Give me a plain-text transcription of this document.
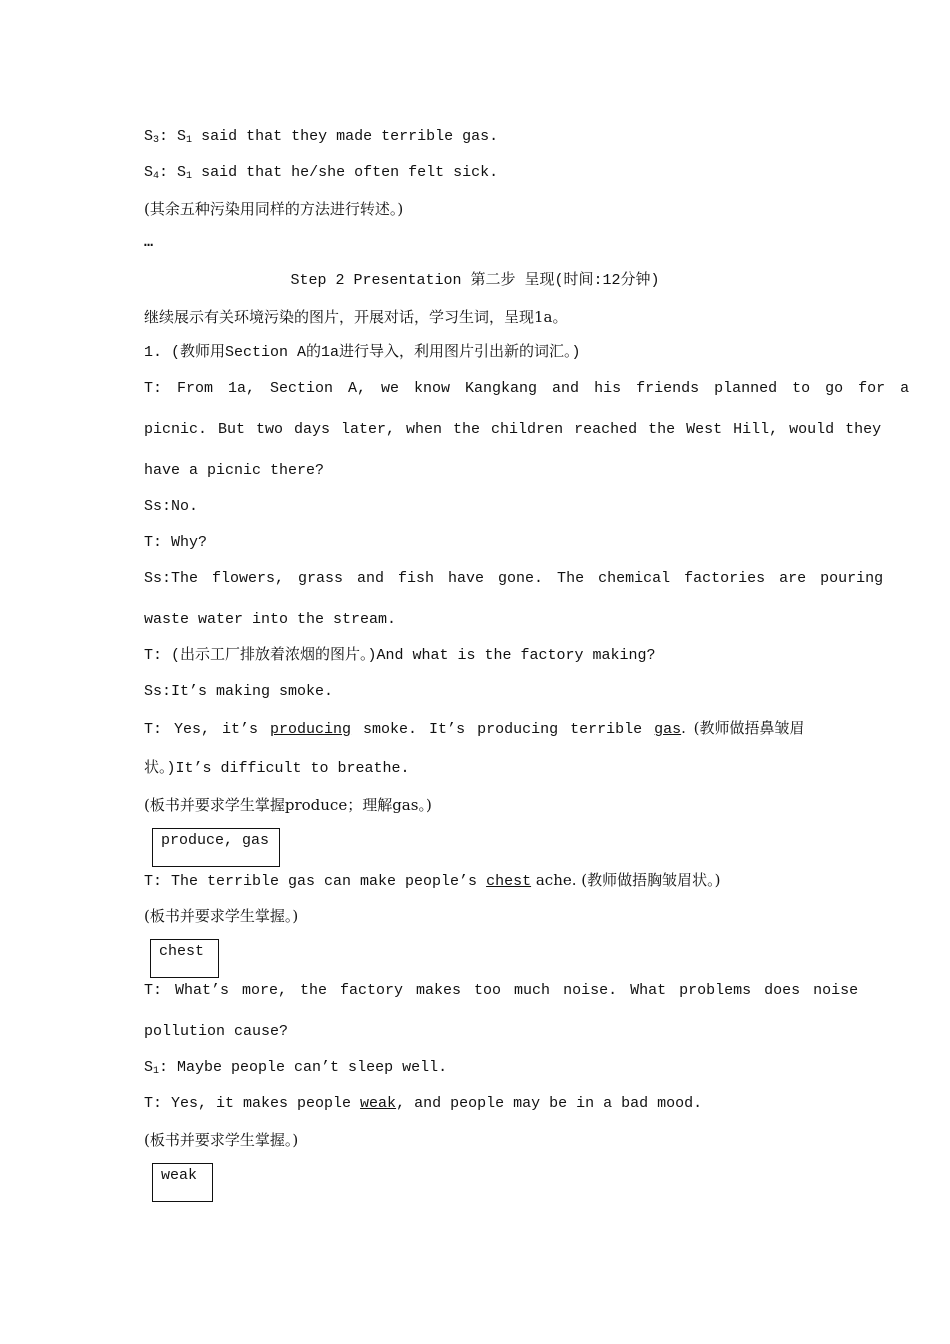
$S_3$: $S_1$ said that they made terrible gas.
$S_4$: $S_1$ said that he/she often felt sick.
(其余五种污染用同样的方法进行转述。)
…
Step 2 Presentation 第二步 呈现(时间:12分钟)
继续展示有关环境污染的图片，开展对话，学习生词，呈现1a。
1. (教师用Section A的1a进行导入，利用图片引出新的词汇。)
T: From 1a, Section A, we know Kangkang and his friends planned to go for a
picnic. But two days later, when the children reached the West Hill, would they
have a picnic there?
Ss:No.
T: Why?
Ss:The flowers, grass and fish have gone. The chemical factories are pouring
waste water into the stream.
T: (出示工厂排放着浓烟的图片。)And what is the factory making?
Ss:It’s making smoke.
T: Yes, it’s producing smoke. It’s producing terrible gas. (教师做捂鼻皱眉
状。)It’s difficult to breathe.
(板书并要求学生掌握produce；理解gas。)
produce, gas
T: The terrible gas can make people’s chest ache. (教师做捂胸皱眉状。)
(板书并要求学生掌握。)
chest
T: What’s more, the factory makes too much noise. What problems does noise
pollution cause?
$S_1$: Maybe people can’t sleep well.
T: Yes, it makes people weak, and people may be in a bad mood.
(板书并要求学生掌握。)
weak
